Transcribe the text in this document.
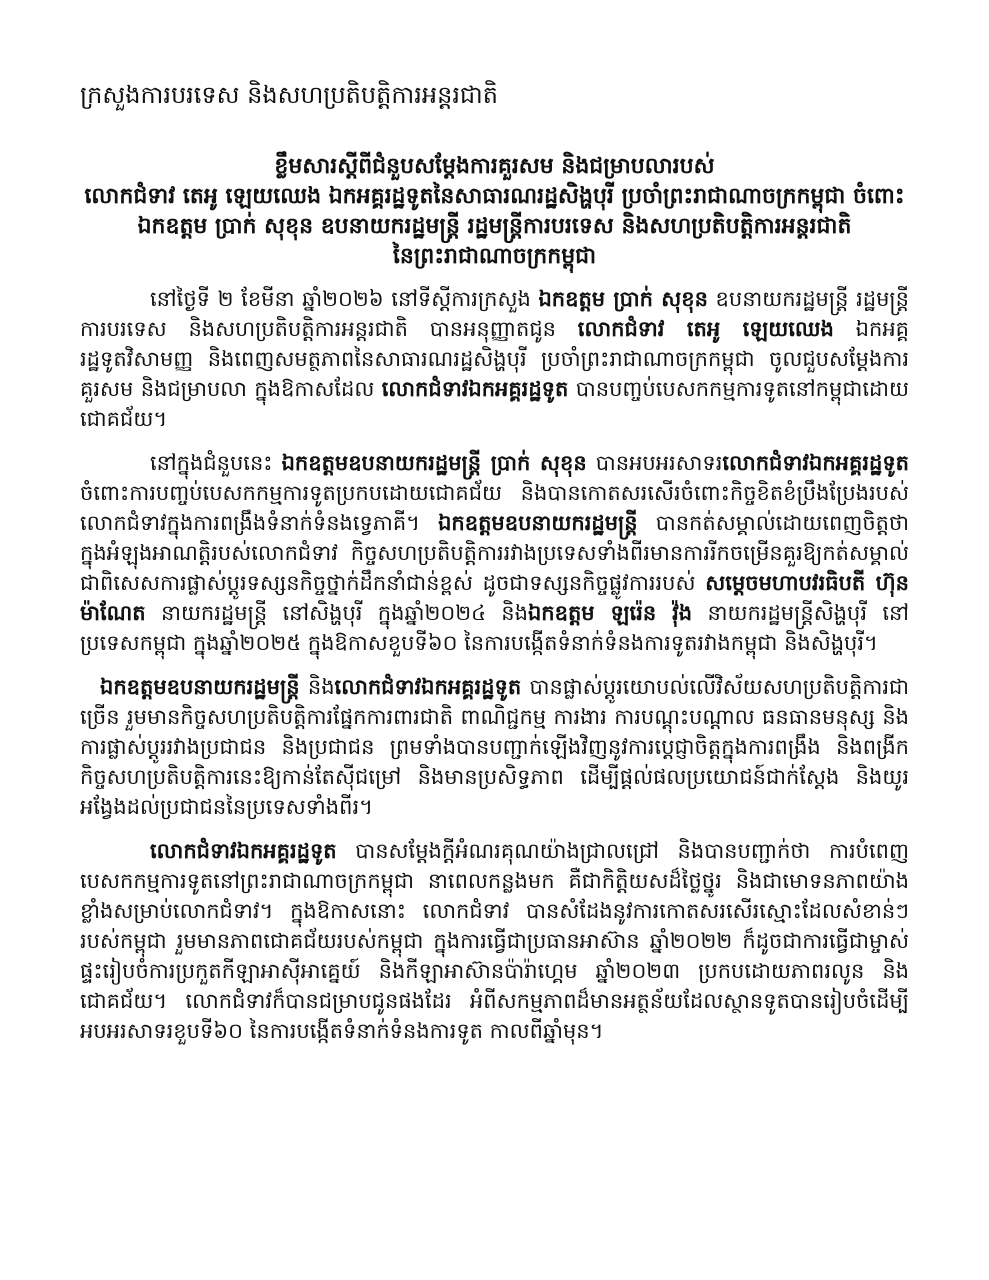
ក្រសួងការបរទេស និងសហប្រតិបត្តិការអន្តរជាតិ
ខ្លឹមសារស្ដីពីជំនួបសម្ដែងការគួរសម និងជម្រាបលារបស់
លោកជំទាវ តេអូ ឡេយឈេង ឯកអគ្គរដ្ឋទូតនៃសាធារណរដ្ឋសិង្ហបុរី ប្រចាំព្រះរាជាណាចក្រកម្ពុជា ចំពោះ
ឯកឧត្ដម ប្រាក់ សុខុន ឧបនាយករដ្ឋមន្ត្រី រដ្ឋមន្ត្រីការបរទេស និងសហប្រតិបត្តិការអន្តរជាតិ
នៃព្រះរាជាណាចក្រកម្ពុជា

នៅថ្ងៃទី ២ ខែមីនា ឆ្នាំ២០២៦ នៅទីស្ដីការក្រសួង ឯកឧត្ដម ប្រាក់ សុខុន ឧបនាយករដ្ឋមន្ត្រី រដ្ឋមន្ត្រីការបរទេស និងសហប្រតិបត្តិការអន្តរជាតិ បានអនុញ្ញាតជូន លោកជំទាវ តេអូ ឡេយឈេង ឯកអគ្គរដ្ឋទូតវិសាមញ្ញ និងពេញសមត្ថភាពនៃសាធារណរដ្ឋសិង្ហបុរី ប្រចាំព្រះរាជាណាចក្រកម្ពុជា ចូលជួបសម្ដែងការគួរសម និងជម្រាបលា ក្នុងឱកាសដែល លោកជំទាវឯកអគ្គរដ្ឋទូត បានបញ្ចប់បេសកកម្មការទូតនៅកម្ពុជាដោយជោគជ័យ។

នៅក្នុងជំនួបនេះ ឯកឧត្ដមឧបនាយករដ្ឋមន្ត្រី ប្រាក់ សុខុន បានអបអរសាទរលោកជំទាវឯកអគ្គរដ្ឋទូត ចំពោះការបញ្ចប់បេសកកម្មការទូតប្រកបដោយជោគជ័យ និងបានកោតសរសើរចំពោះកិច្ចខិតខំប្រឹងប្រែងរបស់លោកជំទាវក្នុងការពង្រឹងទំនាក់ទំនងទ្វេភាគី។ ឯកឧត្ដមឧបនាយករដ្ឋមន្ត្រី បានកត់សម្គាល់ដោយពេញចិត្តថា ក្នុងអំឡុងអាណត្តិរបស់លោកជំទាវ កិច្ចសហប្រតិបត្តិការរវាងប្រទេសទាំងពីរមានការរីកចម្រើនគួរឱ្យកត់សម្គាល់ ជាពិសេសការផ្លាស់ប្ដូរទស្សនកិច្ចថ្នាក់ដឹកនាំជាន់ខ្ពស់ ដូចជាទស្សនកិច្ចផ្លូវការរបស់ សម្ដេចមហាបវរធិបតី ហ៊ុន ម៉ាណែត នាយករដ្ឋមន្ត្រី នៅសិង្ហបុរី ក្នុងឆ្នាំ២០២៤ និងឯកឧត្ដម ឡរ៉េន វ៉ុង នាយករដ្ឋមន្ត្រីសិង្ហបុរី នៅប្រទេសកម្ពុជា ក្នុងឆ្នាំ២០២៥ ក្នុងឱកាសខួបទី៦០ នៃការបង្កើតទំនាក់ទំនងការទូតរវាងកម្ពុជា និងសិង្ហបុរី។

ឯកឧត្ដមឧបនាយករដ្ឋមន្ត្រី និងលោកជំទាវឯកអគ្គរដ្ឋទូត បានផ្លាស់ប្ដូរយោបល់លើវិស័យសហប្រតិបត្តិការជាច្រើន រួមមានកិច្ចសហប្រតិបត្តិការផ្នែកការពារជាតិ ពាណិជ្ជកម្ម ការងារ ការបណ្ដុះបណ្ដាល ធនធានមនុស្ស និងការផ្លាស់ប្ដូររវាងប្រជាជន និងប្រជាជន ព្រមទាំងបានបញ្ជាក់ឡើងវិញនូវការប្ដេជ្ញាចិត្តក្នុងការពង្រឹង និងពង្រីកកិច្ចសហប្រតិបត្តិការនេះឱ្យកាន់តែស៊ីជម្រៅ និងមានប្រសិទ្ធភាព ដើម្បីផ្ដល់ផលប្រយោជន៍ជាក់ស្ដែង និងយូរអង្វែងដល់ប្រជាជននៃប្រទេសទាំងពីរ។

លោកជំទាវឯកអគ្គរដ្ឋទូត បានសម្ដែងក្ដីអំណរគុណយ៉ាងជ្រាលជ្រៅ និងបានបញ្ជាក់ថា ការបំពេញបេសកកម្មការទូតនៅព្រះរាជាណាចក្រកម្ពុជា នាពេលកន្លងមក គឺជាកិត្តិយសដ៏ថ្លៃថ្នូរ និងជាមោទនភាពយ៉ាងខ្លាំងសម្រាប់លោកជំទាវ។ ក្នុងឱកាសនោះ លោកជំទាវ បានសំដែងនូវការកោតសរសើរស្មោះដែលសំខាន់ៗរបស់កម្ពុជា រួមមានភាពជោគជ័យរបស់កម្ពុជា ក្នុងការធ្វើជាប្រធានអាស៊ាន ឆ្នាំ២០២២ ក៏ដូចជាការធ្វើជាម្ចាស់ផ្ទះរៀបចំការប្រកួតកីឡាអាស៊ីអាគ្នេយ៍ និងកីឡាអាស៊ានប៉ារ៉ាហ្គេម ឆ្នាំ២០២៣ ប្រកបដោយភាពរលូន និងជោគជ័យ។ លោកជំទាវក៏បានជម្រាបជូនផងដែរ អំពីសកម្មភាពដ៏មានអត្ថន័យដែលស្ថានទូតបានរៀបចំដើម្បីអបអរសាទរខួបទី៦០ នៃការបង្កើតទំនាក់ទំនងការទូត កាលពីឆ្នាំមុន។
